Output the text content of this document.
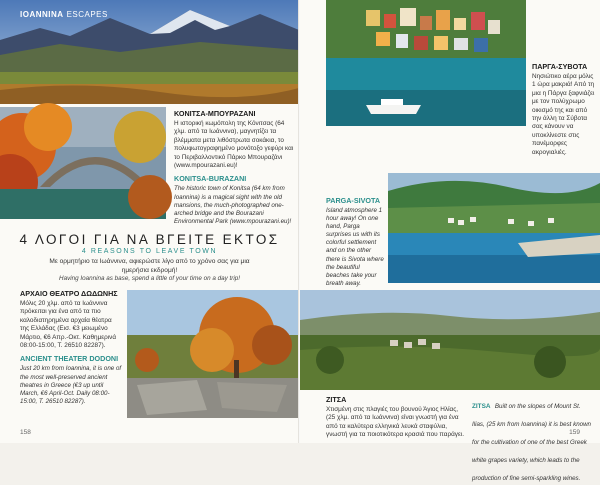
IOANNINA ESCAPES
ΚΟΝΙΤΣΑ-ΜΠΟΥΡΑΖΑΝΙ
Η ιστορική κωμόπολη της Κόνιτσας (64 χλμ. από τα Ιωάννινα), μαγνητίζει τα βλέμματα μετα λιθόστρωτα σοκάκια, το πολυφωτογραφημένο μονότοξο γεφύρι και το Περιβαλλοντικό Πάρκο Μπουραζάνι (www.mpourazani.eu)!
KONITSA-BURAZANI
The historic town of Konitsa (64 km from Ioannina) is a magical sight with the old mansions, the much-photographed one-arched bridge and the Bourazani Environmental Park (www.mpourazani.eu)!
4 ΛΟΓΟΙ ΓΙΑ ΝΑ ΒΓΕΙΤΕ ΕΚΤΟΣ
4 REASONS TO LEAVE TOWN
Με ορμητήριο τα Ιωάννινα, αφιερώστε λίγο από το χρόνο σας για μια ημερήσια εκδρομή!
Having Ioannina as base, spend a little of your time on a day trip!
ΑΡΧΑΙΟ ΘΕΑΤΡΟ ΔΩΔΩΝΗΣ
Μόλις 20 χλμ. από τα Ιωάννινα πρόκειται για ένα από τα πιο καλοδιατηρημένα αρχαία θέατρα της Ελλάδας (Εισ. €3 μειωμένο Μάρτιο, €6 Απρ.-Οκτ. Καθημερινά 08:00-15:00, Τ. 26510 82287).
ANCIENT THEATER DODONI
Just 20 km from Ioannina, it is one of the most well-preserved ancient theatres in Greece (€3 up until March, €6 April-Oct. Daily 08:00-15:00, T. 26510 82287).
158
ΠΑΡΓΑ-ΣΥΒΟΤΑ
Νησιώτικο αέρα μόλις 1 ώρα μακριά! Από τη μια η Πάργα ξαφνιάζει με τον πολύχρωμο οικισμό της και από την άλλη τα Σύβοτα σας κάνουν να υποκλίνεστε στις πανέμορφες ακρογιαλιές.
PARGA-SIVOTA
Island atmosphere 1 hour away! On one hand, Parga surprises us with its colorful settlement and on the other there is Sivota where the beautiful beaches take your breath away.
ΖΙΤΣΑ
Χτισμένη στις πλαγιές του βουνού Άγιος Ηλίας, (25 χλμ. από τα Ιωάννινα) είναι γνωστή για ένα από τα καλύτερα ελληνικά λευκά σταφύλια, γνωστή για τα ποιοτικότερα κρασιά που παράγει.
ZITSA Built on the slopes of Mount St. Ilias, (25 km from Ioannina) it is best known for the cultivation of one of the best Greek white grapes variety, which leads to the production of fine semi-sparkling wines.
159
